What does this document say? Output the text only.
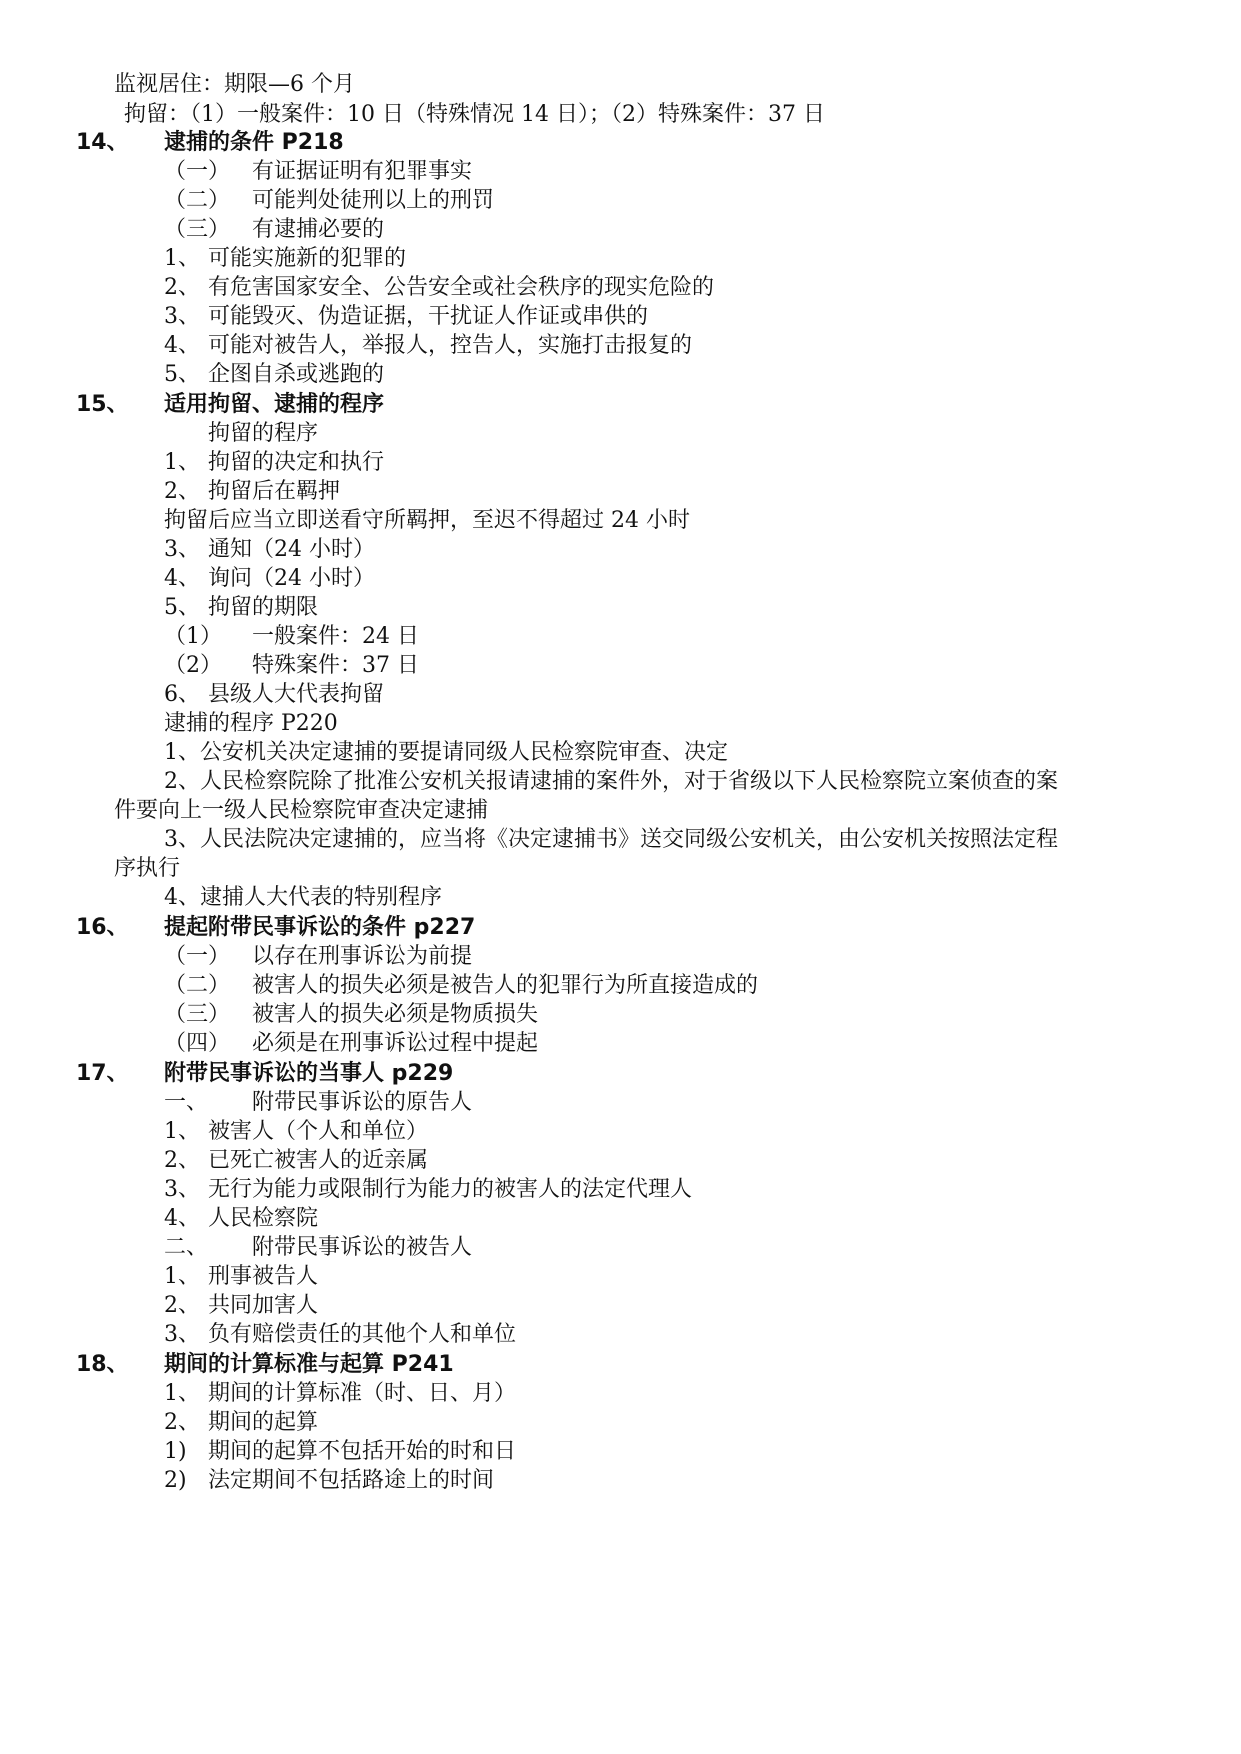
监视居住：期限—6 个月
拘留：（1）一般案件：10 日（特殊情况 14 日）；（2）特殊案件：37 日
14、 逮捕的条件 P218
（一） 有证据证明有犯罪事实
（二） 可能判处徒刑以上的刑罚
（三） 有逮捕必要的
1、 可能实施新的犯罪的
2、 有危害国家安全、公告安全或社会秩序的现实危险的
3、 可能毁灭、伪造证据，干扰证人作证或串供的
4、 可能对被告人，举报人，控告人，实施打击报复的
5、 企图自杀或逃跑的
15、 适用拘留、逮捕的程序
拘留的程序
1、 拘留的决定和执行
2、 拘留后在羁押
拘留后应当立即送看守所羁押，至迟不得超过 24 小时
3、 通知（24 小时）
4、 询问（24 小时）
5、 拘留的期限
（1） 一般案件：24 日
（2） 特殊案件：37 日
6、 县级人大代表拘留
逮捕的程序 P220
1、公安机关决定逮捕的要提请同级人民检察院审查、决定
2、人民检察院除了批准公安机关报请逮捕的案件外，对于省级以下人民检察院立案侦查的案
件要向上一级人民检察院审查决定逮捕
3、人民法院决定逮捕的，应当将《决定逮捕书》送交同级公安机关，由公安机关按照法定程
序执行
4、逮捕人大代表的特别程序
16、 提起附带民事诉讼的条件 p227
（一） 以存在刑事诉讼为前提
（二） 被害人的损失必须是被告人的犯罪行为所直接造成的
（三） 被害人的损失必须是物质损失
（四） 必须是在刑事诉讼过程中提起
17、 附带民事诉讼的当事人 p229
一、 附带民事诉讼的原告人
1、 被害人（个人和单位）
2、 已死亡被害人的近亲属
3、 无行为能力或限制行为能力的被害人的法定代理人
4、 人民检察院
二、 附带民事诉讼的被告人
1、 刑事被告人
2、 共同加害人
3、 负有赔偿责任的其他个人和单位
18、 期间的计算标准与起算 P241
1、 期间的计算标准（时、日、月）
2、 期间的起算
1) 期间的起算不包括开始的时和日
2) 法定期间不包括路途上的时间
